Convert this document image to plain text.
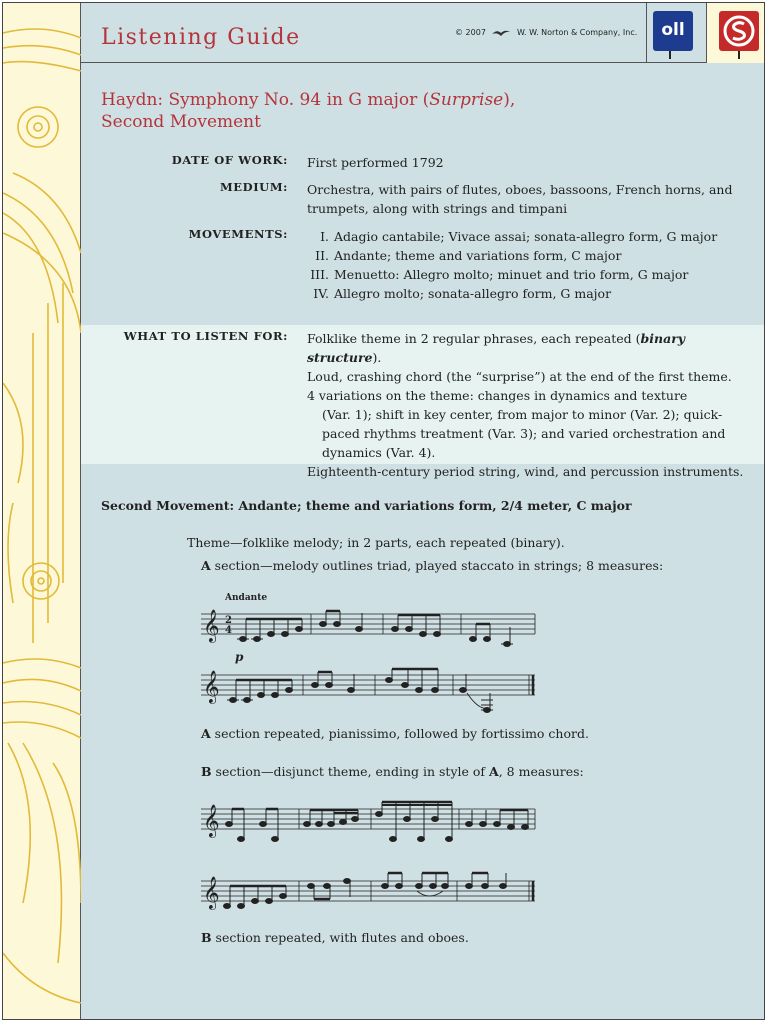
Listening Guide	© 2007	W. W. Norton & Company, Inc.	oll
Haydn: Symphony No. 94 in G major (Surprise),
Second Movement
DATE OF WORK: First performed 1792
MEDIUM: Orchestra, with pairs of flutes, oboes, bassoons, French horns, and trumpets, along with strings and timpani
MOVEMENTS:	I. Adagio cantabile; Vivace assai; sonata-allegro form, G major
II. Andante; theme and variations form, C major
III. Menuetto: Allegro molto; minuet and trio form, G major
IV. Allegro molto; sonata-allegro form, G major
WHAT TO LISTEN FOR: Folklike theme in 2 regular phrases, each repeated (binary structure).
Loud, crashing chord (the “surprise”) at the end of the first theme.
4 variations on the theme: changes in dynamics and texture
(Var. 1); shift in key center, from major to minor (Var. 2); quick-paced rhythms treatment (Var. 3); and varied orchestration and dynamics (Var. 4).
Eighteenth-century period string, wind, and percussion instruments.
Second Movement: Andante; theme and variations form, 2/4 meter, C major
Theme—folklike melody; in 2 parts, each repeated (binary).
A section—melody outlines triad, played staccato in strings; 8 measures:
Andante
𝄞 2
4
p
𝄞
A section repeated, pianissimo, followed by fortissimo chord.
B section—disjunct theme, ending in style of A, 8 measures:
𝄞
𝄞
B section repeated, with flutes and oboes.
